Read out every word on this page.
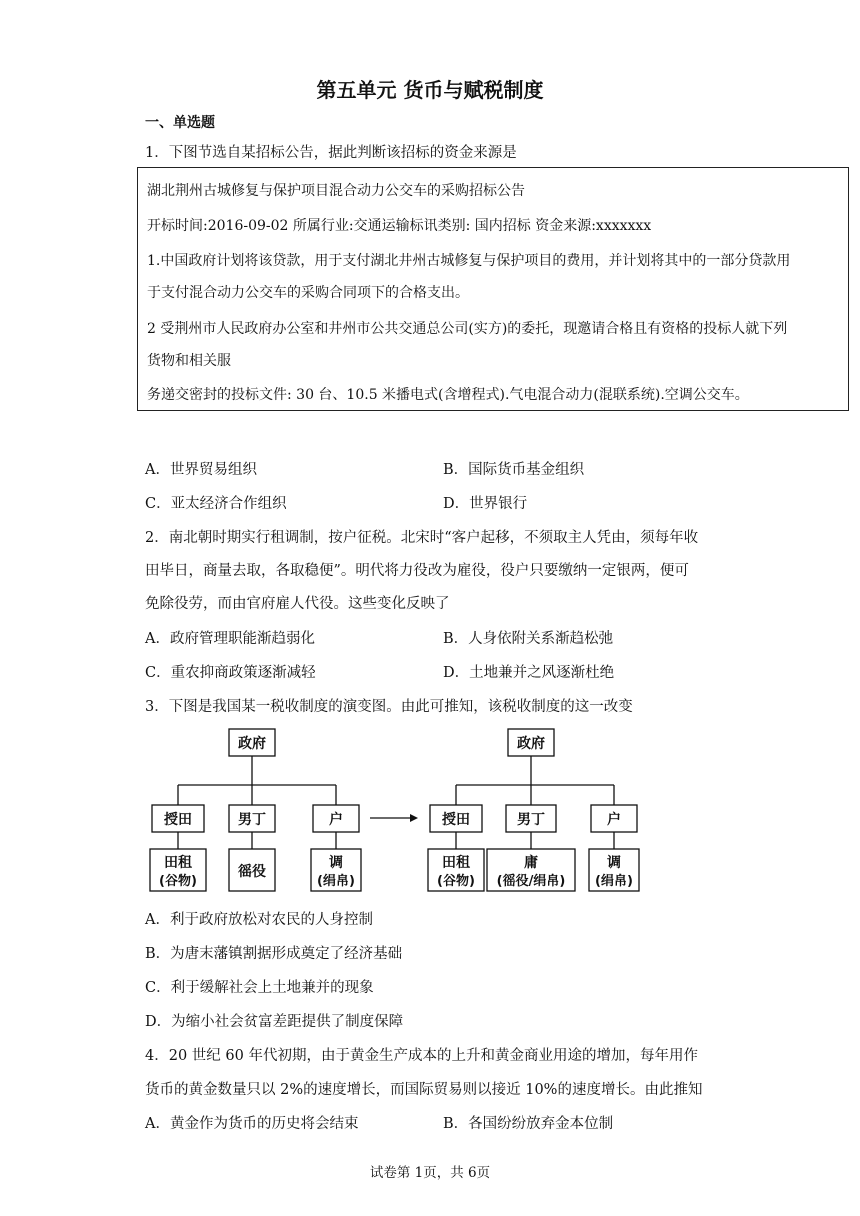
第五单元 货币与赋税制度
一、单选题
1．下图节选自某招标公告，据此判断该招标的资金来源是
湖北荆州古城修复与保护项目混合动力公交车的采购招标公告
开标时间:2016-09-02 所属行业:交通运输标讯类别: 国内招标 资金来源:xxxxxxx
1.中国政府计划将该贷款，用于支付湖北井州古城修复与保护项目的费用，并计划将其中的一部分贷款用
于支付混合动力公交车的采购合同项下的合格支出。
2 受荆州市人民政府办公室和井州市公共交通总公司(实方)的委托，现邀请合格且有资格的投标人就下列
货物和相关服
务递交密封的投标文件: 30 台、10.5 米播电式(含增程式).气电混合动力(混联系统).空调公交车。
A．世界贸易组织	B．国际货币基金组织
C．亚太经济合作组织	D．世界银行
2．南北朝时期实行租调制，按户征税。北宋时“客户起移，不须取主人凭由，须每年收
田毕日，商量去取，各取稳便”。明代将力役改为雇役，役户只要缴纳一定银两，便可
免除役劳，而由官府雇人代役。这些变化反映了
A．政府管理职能渐趋弱化	B．人身依附关系渐趋松弛
C．重农抑商政策逐渐减轻	D．土地兼并之风逐渐杜绝
3．下图是我国某一税收制度的演变图。由此可推知，该税收制度的这一改变
政府
授田	男丁	户
田租
(谷物)
徭役
调
(绢帛)
政府
授田	男丁	户
田租
(谷物)
庸
(徭役/绢帛)
调
(绢帛)
A．利于政府放松对农民的人身控制
B．为唐末藩镇割据形成奠定了经济基础
C．利于缓解社会上土地兼并的现象
D．为缩小社会贫富差距提供了制度保障
4．20 世纪 60 年代初期，由于黄金生产成本的上升和黄金商业用途的增加，每年用作
货币的黄金数量只以 2%的速度增长，而国际贸易则以接近 10%的速度增长。由此推知
A．黄金作为货币的历史将会结束	B．各国纷纷放弃金本位制
试卷第 1页，共 6页
